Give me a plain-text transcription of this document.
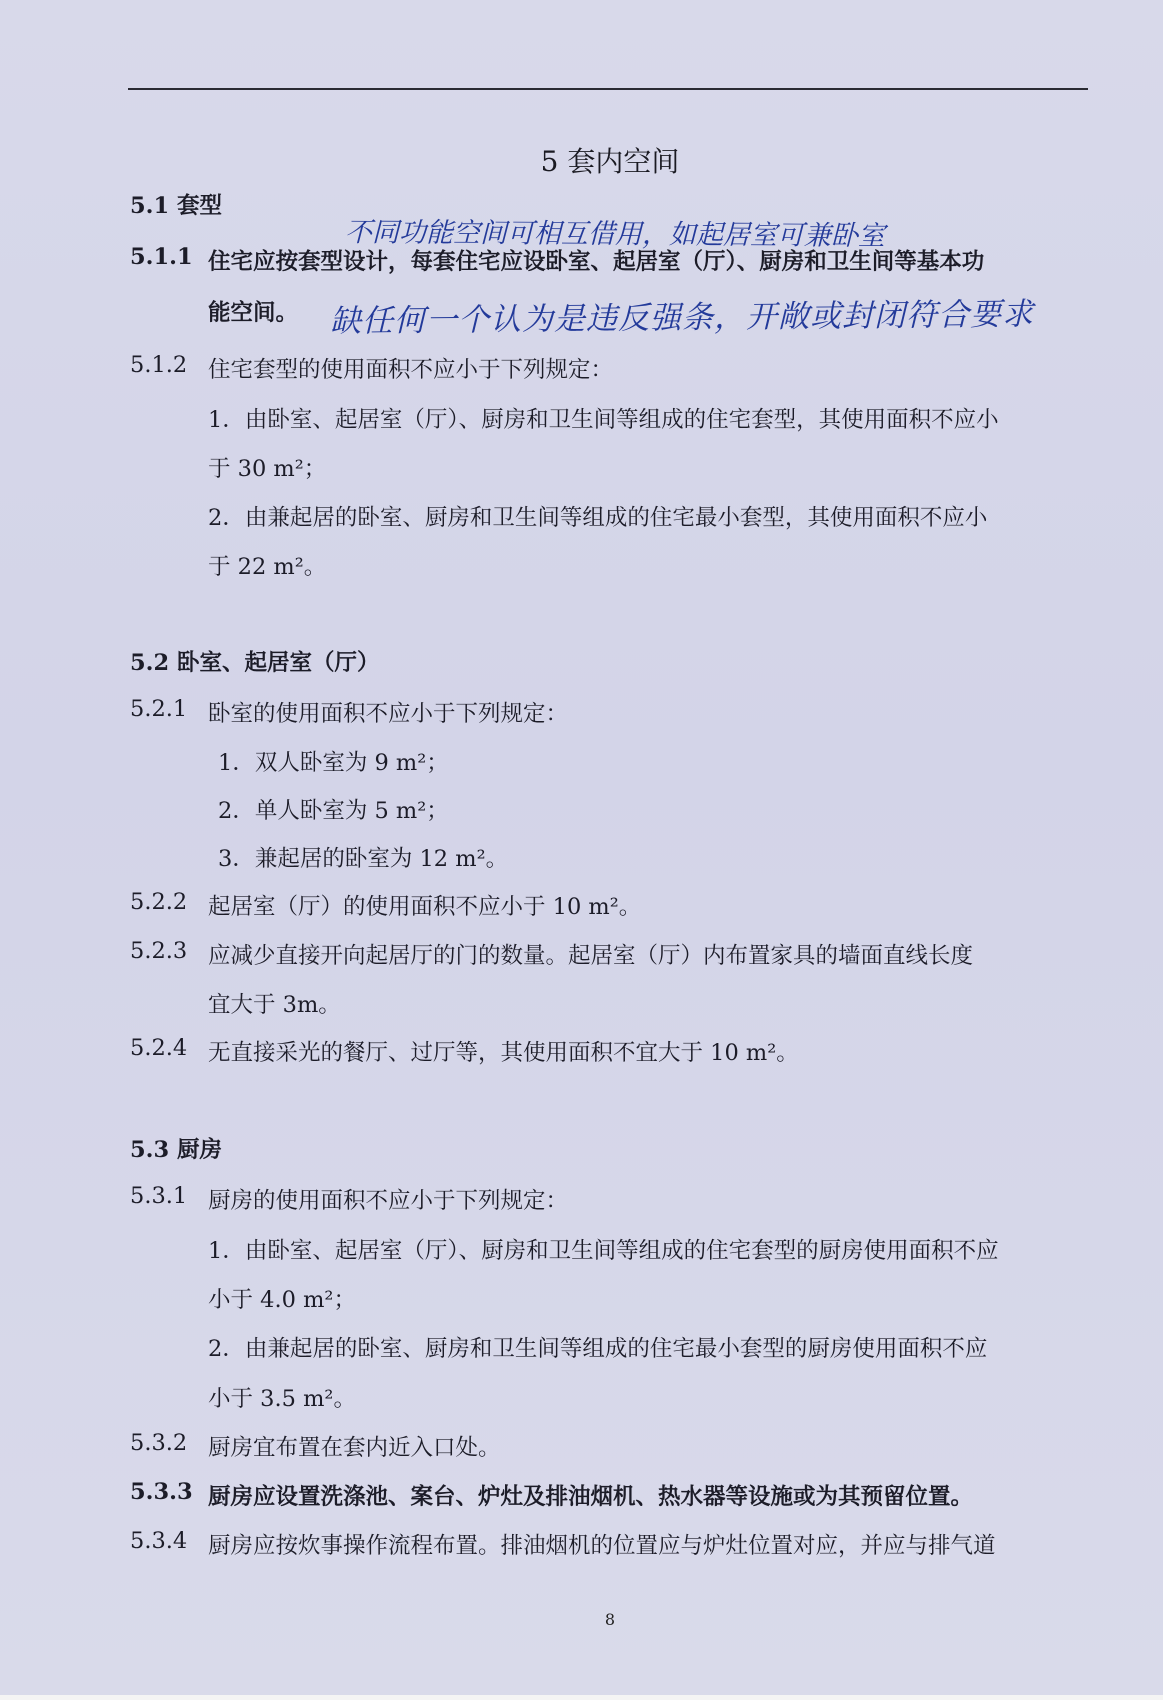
5 套内空间
5.1 套型
不同功能空间可相互借用，如起居室可兼卧室
5.1.1 住宅应按套型设计，每套住宅应设卧室、起居室（厅）、厨房和卫生间等基本功
能空间。 缺任何一个认为是违反强条，开敞或封闭符合要求
5.1.2 住宅套型的使用面积不应小于下列规定：
1．由卧室、起居室（厅）、厨房和卫生间等组成的住宅套型，其使用面积不应小
于 30 m²；
2．由兼起居的卧室、厨房和卫生间等组成的住宅最小套型，其使用面积不应小
于 22 m²。
5.2 卧室、起居室（厅）
5.2.1 卧室的使用面积不应小于下列规定：
1．双人卧室为 9 m²；
2．单人卧室为 5 m²；
3．兼起居的卧室为 12 m²。
5.2.2 起居室（厅）的使用面积不应小于 10 m²。
5.2.3 应减少直接开向起居厅的门的数量。起居室（厅）内布置家具的墙面直线长度
宜大于 3m。
5.2.4 无直接采光的餐厅、过厅等，其使用面积不宜大于 10 m²。
5.3 厨房
5.3.1 厨房的使用面积不应小于下列规定：
1．由卧室、起居室（厅）、厨房和卫生间等组成的住宅套型的厨房使用面积不应
小于 4.0 m²；
2．由兼起居的卧室、厨房和卫生间等组成的住宅最小套型的厨房使用面积不应
小于 3.5 m²。
5.3.2 厨房宜布置在套内近入口处。
5.3.3 厨房应设置洗涤池、案台、炉灶及排油烟机、热水器等设施或为其预留位置。
5.3.4 厨房应按炊事操作流程布置。排油烟机的位置应与炉灶位置对应，并应与排气道
8
